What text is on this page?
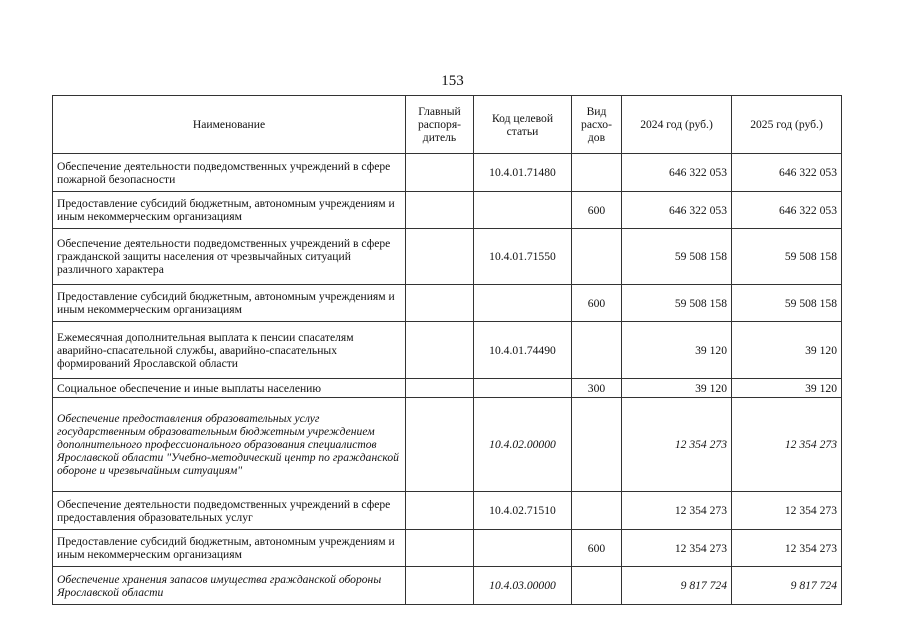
153
Наименование	Главный распоря-дитель	Код целевой статьи	Вид расхо-дов	2024 год (руб.)	2025 год (руб.)
Обеспечение деятельности подведомственных учреждений в сфере пожарной безопасности		10.4.01.71480		646 322 053	646 322 053
Предоставление субсидий бюджетным, автономным учреждениям и иным некоммерческим организациям			600	646 322 053	646 322 053
Обеспечение деятельности подведомственных учреждений в сфере гражданской защиты населения от чрезвычайных ситуаций различного характера		10.4.01.71550		59 508 158	59 508 158
Предоставление субсидий бюджетным, автономным учреждениям и иным некоммерческим организациям			600	59 508 158	59 508 158
Ежемесячная дополнительная выплата к пенсии спасателям аварийно-спасательной службы, аварийно-спасательных формирований Ярославской области		10.4.01.74490		39 120	39 120
Социальное обеспечение и иные выплаты населению			300	39 120	39 120
Обеспечение предоставления образовательных услуг государственным образовательным бюджетным учреждением дополнительного профессионального образования специалистов Ярославской области "Учебно-методический центр по гражданской обороне и чрезвычайным ситуациям"		10.4.02.00000		12 354 273	12 354 273
Обеспечение деятельности подведомственных учреждений в сфере предоставления образовательных услуг		10.4.02.71510		12 354 273	12 354 273
Предоставление субсидий бюджетным, автономным учреждениям и иным некоммерческим организациям			600	12 354 273	12 354 273
Обеспечение хранения запасов имущества гражданской обороны Ярославской области		10.4.03.00000		9 817 724	9 817 724
